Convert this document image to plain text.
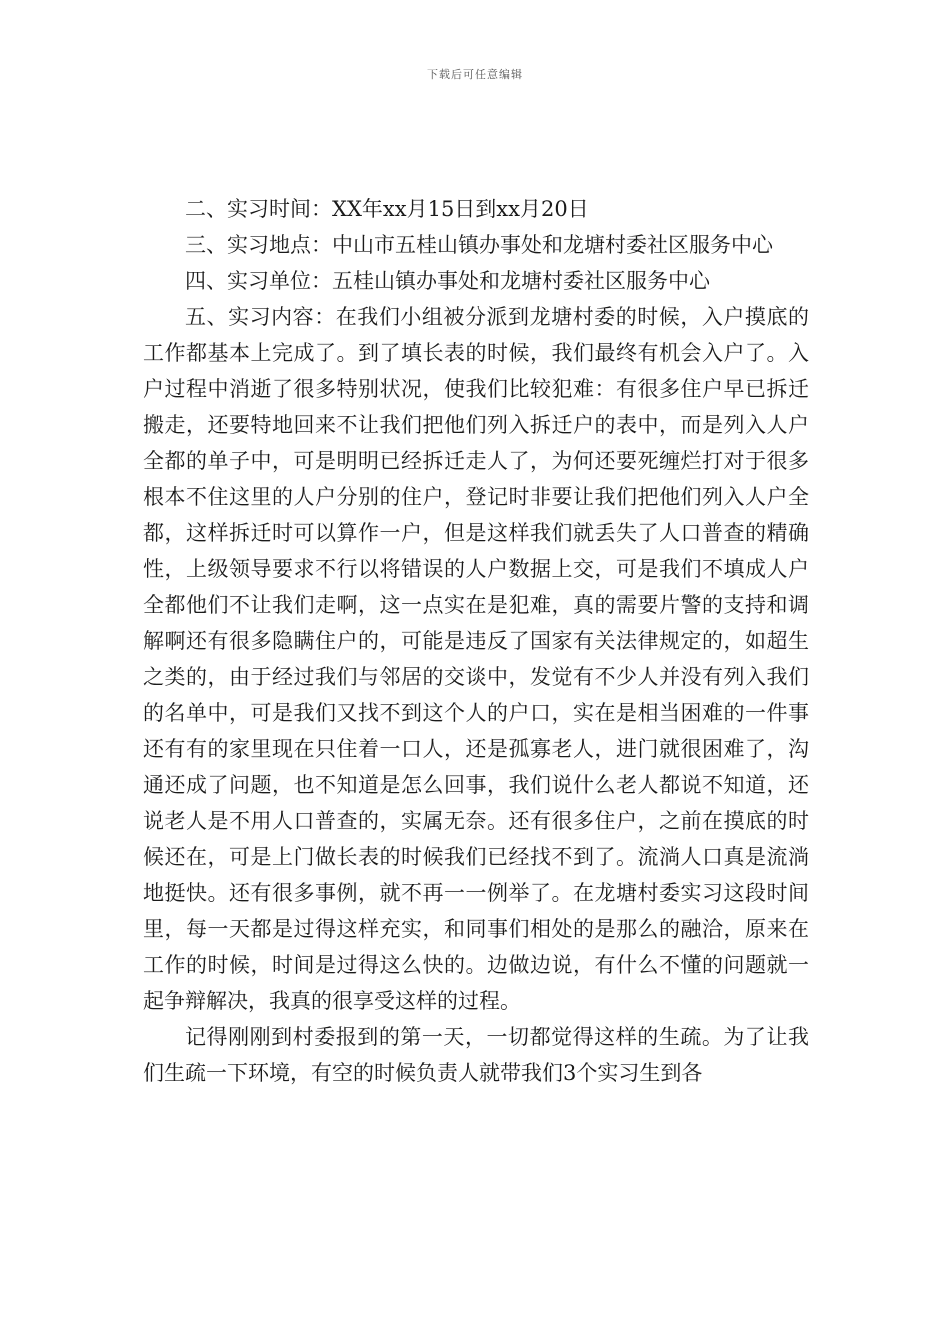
下载后可任意编辑

二、实习时间：XX年xx月15日到xx月20日

三、实习地点：中山市五桂山镇办事处和龙塘村委社区服务中心

四、实习单位：五桂山镇办事处和龙塘村委社区服务中心

五、实习内容：在我们小组被分派到龙塘村委的时候，入户摸底的工作都基本上完成了。到了填长表的时候，我们最终有机会入户了。入户过程中消逝了很多特别状况，使我们比较犯难：有很多住户早已拆迁搬走，还要特地回来不让我们把他们列入拆迁户的表中，而是列入人户全都的单子中，可是明明已经拆迁走人了，为何还要死缠烂打对于很多根本不住这里的人户分别的住户，登记时非要让我们把他们列入人户全都，这样拆迁时可以算作一户，但是这样我们就丢失了人口普查的精确 性，上级领导要求不行以将错误的人户数据上交，可是我们不填成人户全都他们不让我们走啊，这一点实在是犯难，真的需要片警的支持和调解啊还有很多隐瞒住户的，可能是违反了国家有关法律规定的，如超生之类的，由于经过我们与邻居的交谈中，发觉有不少人并没有列入我们的名单中，可是我们又找不到这个人的户口，实在是相当困难的一件事还有有的家里现在只住着一口人，还是孤寡老人，进门就很困难了，沟通还成了问题，也不知道是怎么回事，我们说什么老人都说不知道，还说老人是不用人口普查的，实属无奈。还有很多住户，之前在摸底的时候还在，可是上门做长表的时候我们已经找不到了。流淌人口真是流淌地挺快。还有很多事例，就不再一一例举了。在龙塘村委实习这段时间里，每一天都是过得这样充实，和同事们相处的是那么的融洽，原来在工作的时候，时间是过得这么快的。边做边说，有什么不懂的问题就一起争辩解决，我真的很享受这样的过程。

记得刚刚到村委报到的第一天，一切都觉得这样的生疏。为了让我们生疏一下环境，有空的时候负责人就带我们3个实习生到各
